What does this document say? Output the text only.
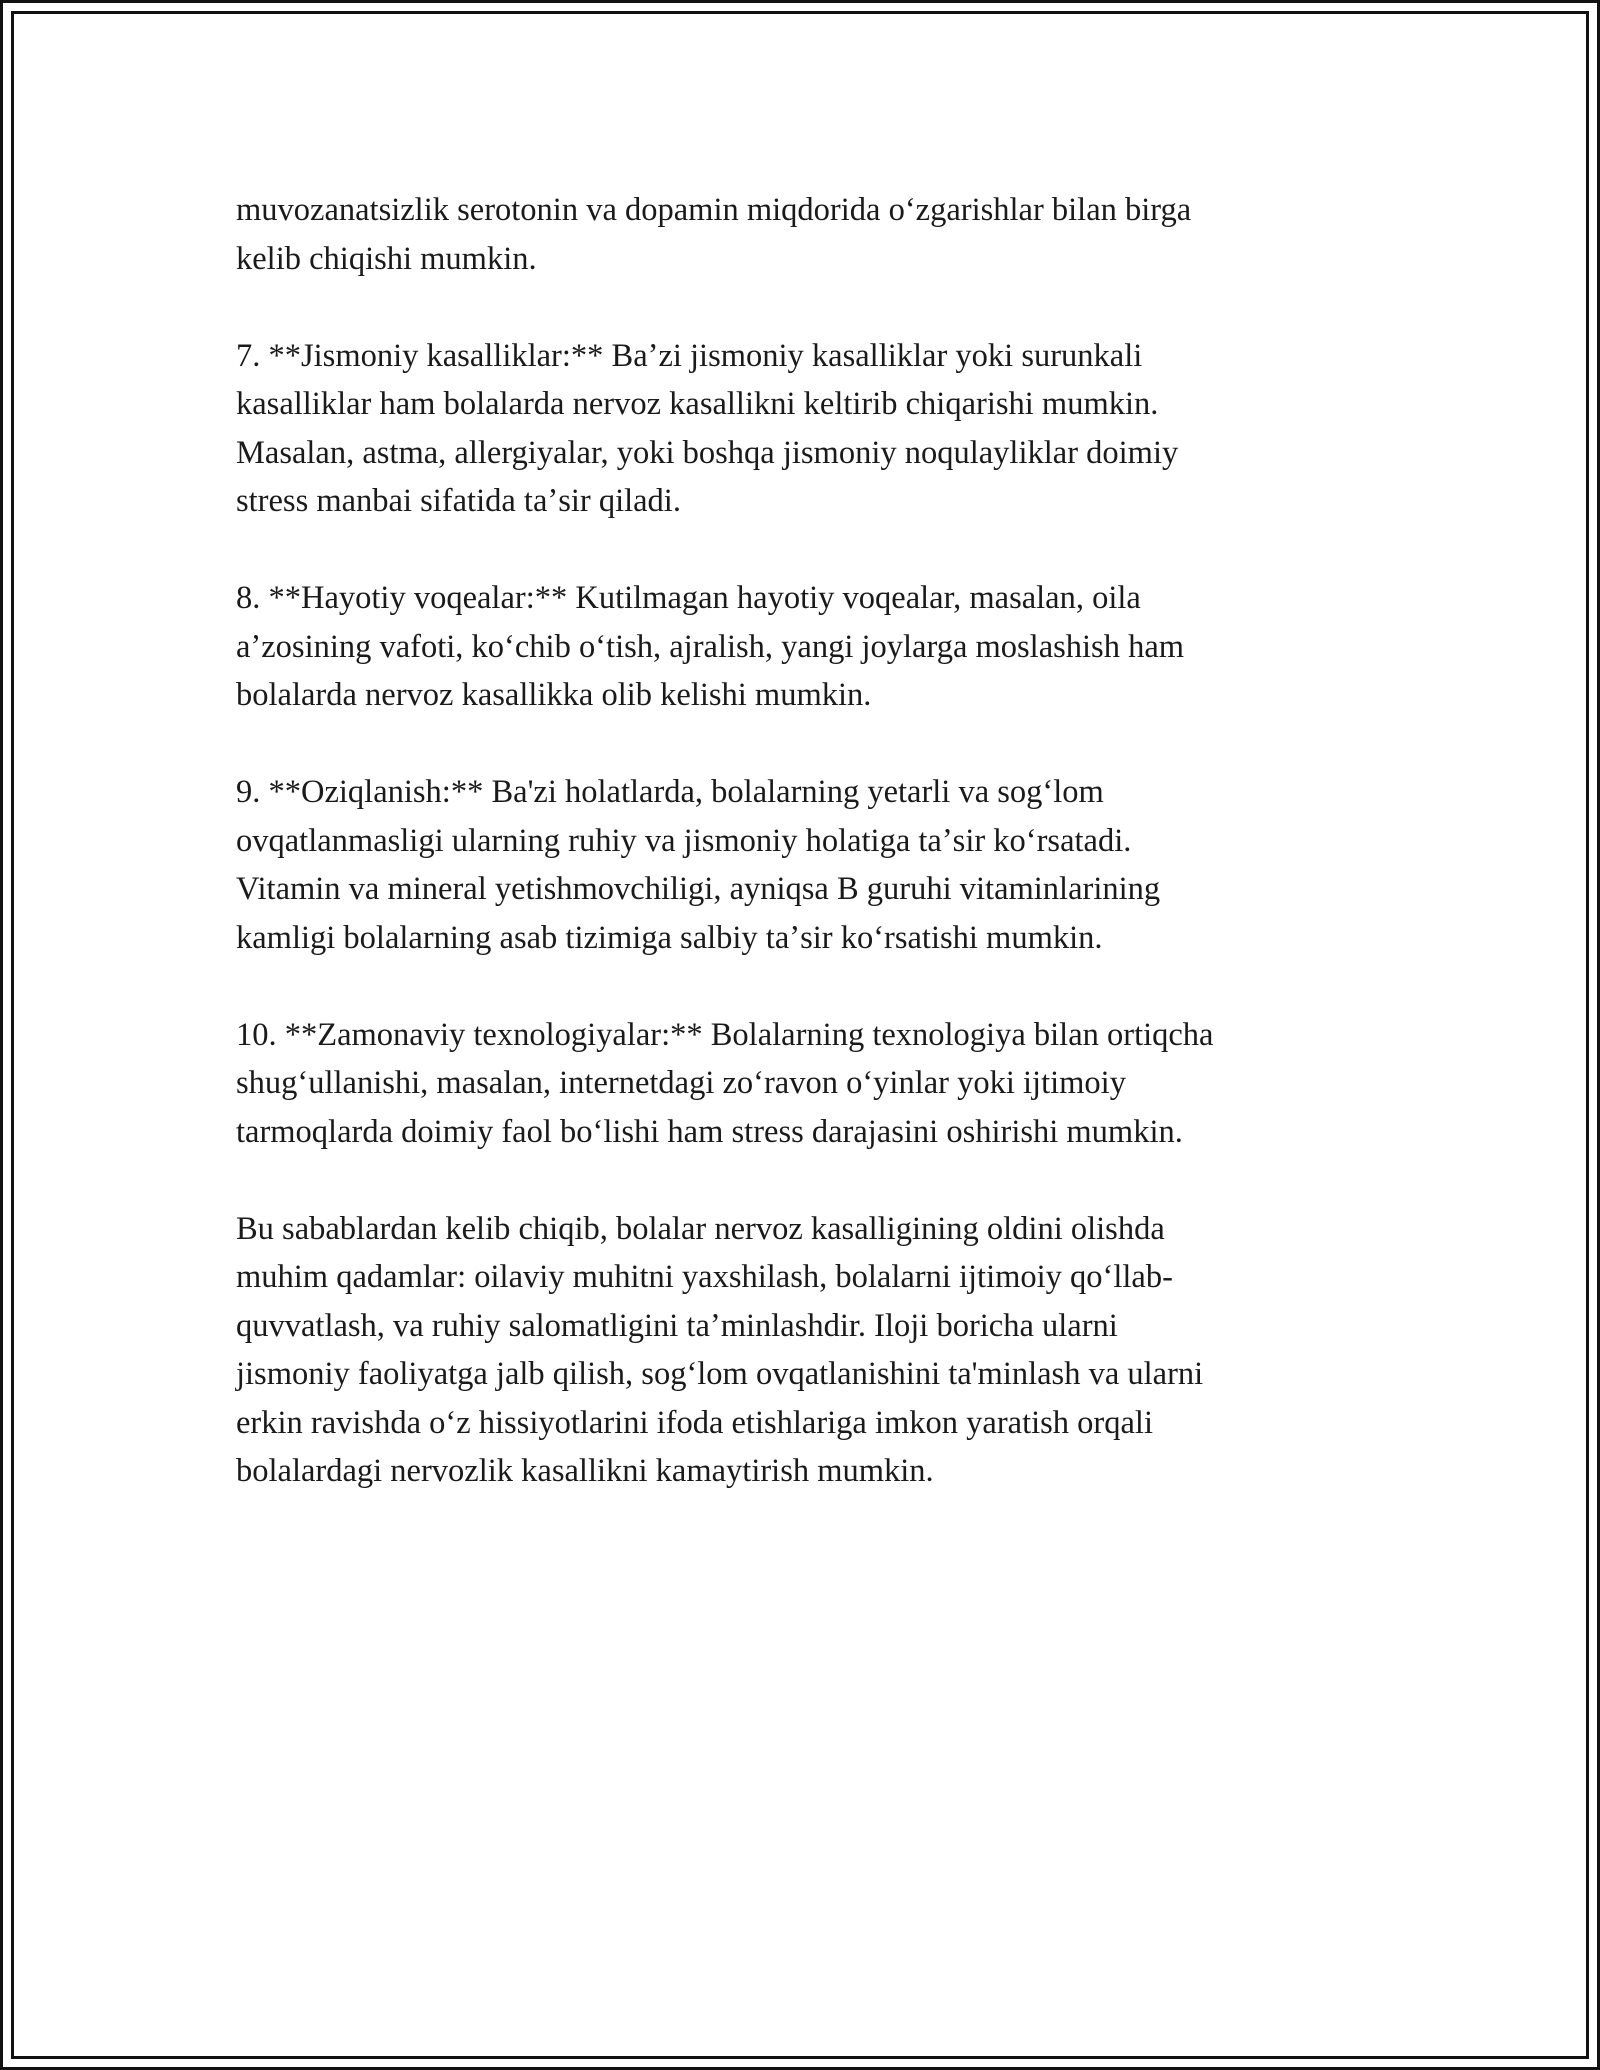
muvozanatsizlik serotonin va dopamin miqdorida oʻzgarishlar bilan birga
kelib chiqishi mumkin.

7. **Jismoniy kasalliklar:** Baʼzi jismoniy kasalliklar yoki surunkali
kasalliklar ham bolalarda nervoz kasallikni keltirib chiqarishi mumkin.
Masalan, astma, allergiyalar, yoki boshqa jismoniy noqulayliklar doimiy
stress manbai sifatida taʼsir qiladi.

8. **Hayotiy voqealar:** Kutilmagan hayotiy voqealar, masalan, oila
aʼzosining vafoti, koʻchib oʻtish, ajralish, yangi joylarga moslashish ham
bolalarda nervoz kasallikka olib kelishi mumkin.

9. **Oziqlanish:** Ba'zi holatlarda, bolalarning yetarli va sogʻlom
ovqatlanmasligi ularning ruhiy va jismoniy holatiga taʼsir koʻrsatadi.
Vitamin va mineral yetishmovchiligi, ayniqsa B guruhi vitaminlarining
kamligi bolalarning asab tizimiga salbiy taʼsir koʻrsatishi mumkin.

10. **Zamonaviy texnologiyalar:** Bolalarning texnologiya bilan ortiqcha
shugʻullanishi, masalan, internetdagi zoʻravon oʻyinlar yoki ijtimoiy
tarmoqlarda doimiy faol boʻlishi ham stress darajasini oshirishi mumkin.

Bu sabablardan kelib chiqib, bolalar nervoz kasalligining oldini olishda
muhim qadamlar: oilaviy muhitni yaxshilash, bolalarni ijtimoiy qoʻllab-
quvvatlash, va ruhiy salomatligini taʼminlashdir. Iloji boricha ularni
jismoniy faoliyatga jalb qilish, sogʻlom ovqatlanishini ta'minlash va ularni
erkin ravishda oʻz hissiyotlarini ifoda etishlariga imkon yaratish orqali
bolalardagi nervozlik kasallikni kamaytirish mumkin.
